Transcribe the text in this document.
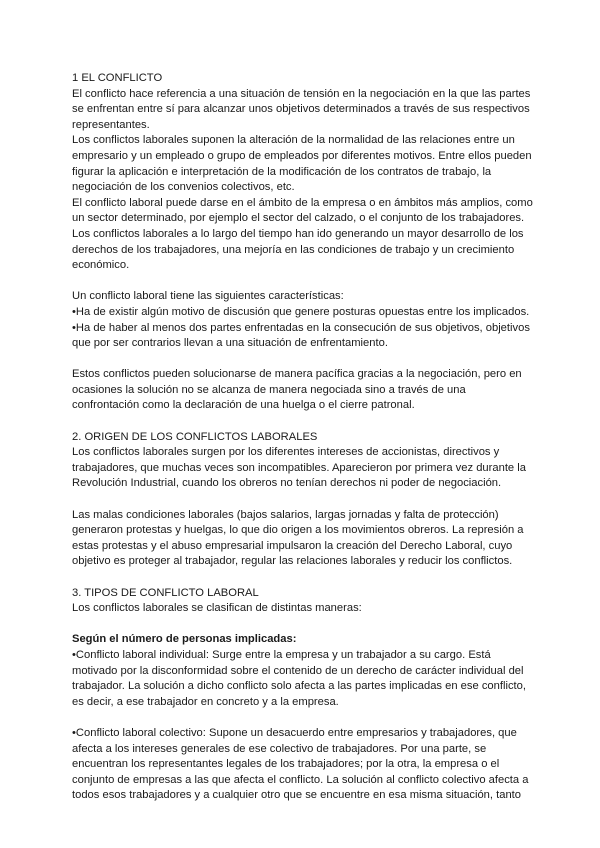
1 EL CONFLICTO

El conflicto hace referencia a una situación de tensión en la negociación en la que las partes se enfrentan entre sí para alcanzar unos objetivos determinados a través de sus respectivos representantes.

Los conflictos laborales suponen la alteración de la normalidad de las relaciones entre un empresario y un empleado o grupo de empleados por diferentes motivos. Entre ellos pueden figurar la aplicación e interpretación de la modificación de los contratos de trabajo, la negociación de los convenios colectivos, etc.

El conflicto laboral puede darse en el ámbito de la empresa o en ámbitos más amplios, como un sector determinado, por ejemplo el sector del calzado, o el conjunto de los trabajadores. Los conflictos laborales a lo largo del tiempo han ido generando un mayor desarrollo de los derechos de los trabajadores, una mejoría en las condiciones de trabajo y un crecimiento económico.

Un conflicto laboral tiene las siguientes características:

•Ha de existir algún motivo de discusión que genere posturas opuestas entre los implicados.

•Ha de haber al menos dos partes enfrentadas en la consecución de sus objetivos, objetivos que por ser contrarios llevan a una situación de enfrentamiento.

Estos conflictos pueden solucionarse de manera pacífica gracias a la negociación, pero en ocasiones la solución no se alcanza de manera negociada sino a través de una confrontación como la declaración de una huelga o el cierre patronal.

2. ORIGEN DE LOS CONFLICTOS LABORALES

Los conflictos laborales surgen por los diferentes intereses de accionistas, directivos y trabajadores, que muchas veces son incompatibles. Aparecieron por primera vez durante la Revolución Industrial, cuando los obreros no tenían derechos ni poder de negociación.

Las malas condiciones laborales (bajos salarios, largas jornadas y falta de protección) generaron protestas y huelgas, lo que dio origen a los movimientos obreros. La represión a estas protestas y el abuso empresarial impulsaron la creación del Derecho Laboral, cuyo objetivo es proteger al trabajador, regular las relaciones laborales y reducir los conflictos.

3. TIPOS DE CONFLICTO LABORAL

Los conflictos laborales se clasifican de distintas maneras:

Según el número de personas implicadas:

•Conflicto laboral individual: Surge entre la empresa y un trabajador a su cargo. Está motivado por la disconformidad sobre el contenido de un derecho de carácter individual del trabajador. La solución a dicho conflicto solo afecta a las partes implicadas en ese conflicto, es decir, a ese trabajador en concreto y a la empresa.

•Conflicto laboral colectivo: Supone un desacuerdo entre empresarios y trabajadores, que afecta a los intereses generales de ese colectivo de trabajadores. Por una parte, se encuentran los representantes legales de los trabajadores; por la otra, la empresa o el conjunto de empresas a las que afecta el conflicto. La solución al conflicto colectivo afecta a todos esos trabajadores y a cualquier otro que se encuentre en esa misma situación, tanto
